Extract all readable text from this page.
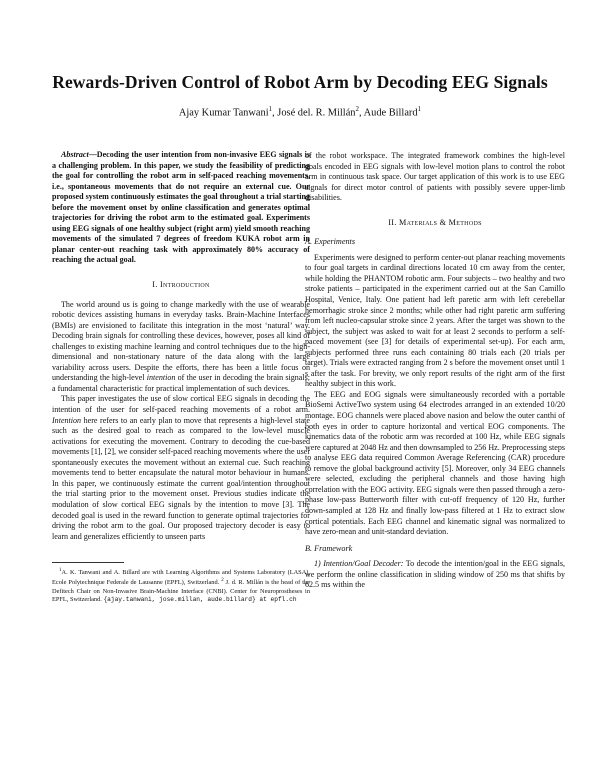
Rewards-Driven Control of Robot Arm by Decoding EEG Signals
Ajay Kumar Tanwani$^1$, José del. R. Millán$^2$, Aude Billard$^1$

Abstract—Decoding the user intention from non-invasive EEG signals is a challenging problem. In this paper, we study the feasibility of predicting the goal for controlling the robot arm in self-paced reaching movements, i.e., spontaneous movements that do not require an external cue. Our proposed system continuously estimates the goal throughout a trial starting before the movement onset by online classification and generates optimal trajectories for driving the robot arm to the estimated goal. Experiments using EEG signals of one healthy subject (right arm) yield smooth reaching movements of the simulated 7 degrees of freedom KUKA robot arm in planar center-out reaching task with approximately 80% accuracy of reaching the actual goal.

I. Introduction

The world around us is going to change markedly with the use of wearable robotic devices assisting humans in everyday tasks. Brain-Machine Interfaces (BMIs) are envisioned to facilitate this integration in the most ‘natural’ way. Decoding brain signals for controlling these devices, however, poses all kind of challenges to existing machine learning and control techniques due to the high-dimensional and non-stationary nature of the data along with the large variability across users. Despite the efforts, there has been a little focus on understanding the high-level intention of the user in decoding the brain signals; a fundamental characteristic for practical implementation of such devices.

This paper investigates the use of slow cortical EEG signals in decoding the intention of the user for self-paced reaching movements of a robot arm. Intention here refers to an early plan to move that represents a high-level state such as the desired goal to reach as compared to the low-level muscle activations for executing the movement. Contrary to decoding the cue-based movements [1], [2], we consider self-paced reaching movements where the user spontaneously executes the movement without an external cue. Such reaching movements tend to better encapsulate the natural motor behaviour in humans. In this paper, we continuously estimate the current goal/intention throughout the trial starting prior to the movement onset. Previous studies indicate the modulation of slow cortical EEG signals by the intention to move [3]. The decoded goal is used in the reward function to generate optimal trajectories for driving the robot arm to the goal. Our proposed trajectory decoder is easy to learn and generalizes efficiently to unseen parts

$^1$A. K. Tanwani and A. Billard are with Learning Algorithms and Systems Laboratory (LASA), Ecole Polytechnique Federale de Lausanne (EPFL), Switzerland. $^2$ J. d. R. Millán is the head of the Defitech Chair on Non-Invasive Brain-Machine Interface (CNBI). Center for Neuroprostheses in EPFL, Switzerland. {ajay.tanwani, jose.millan, aude.billard} at epfl.ch

of the robot workspace. The integrated framework combines the high-level goals encoded in EEG signals with low-level motion plans to control the robot arm in continuous task space. Our target application of this work is to use EEG signals for direct motor control of patients with possibly severe upper-limb disabilities.

II. Materials & Methods
A. Experiments

Experiments were designed to perform center-out planar reaching movements to four goal targets in cardinal directions located 10 cm away from the center, while holding the PHANTOM robotic arm. Four subjects – two healthy and two stroke patients – participated in the experiment carried out at the San Camillo Hospital, Venice, Italy. One patient had left paretic arm with left cerebellar hemorrhagic stroke since 2 months; while other had right paretic arm suffering from left nucleo-capsular stroke since 2 years. After the target was shown to the subject, the subject was asked to wait for at least 2 seconds to perform a self-paced movement (see [3] for details of experimental set-up). For each arm, subjects performed three runs each containing 80 trials each (20 trials per target). Trials were extracted ranging from 2 s before the movement onset until 1 s after the task. For brevity, we only report results of the right arm of the first healthy subject in this work.

The EEG and EOG signals were simultaneously recorded with a portable BioSemi ActiveTwo system using 64 electrodes arranged in an extended 10/20 montage. EOG channels were placed above nasion and below the outer canthi of both eyes in order to capture horizontal and vertical EOG components. The kinematics data of the robotic arm was recorded at 100 Hz, while EEG signals were captured at 2048 Hz and then downsampled to 256 Hz. Preprocessing steps to analyse EEG data required Common Average Referencing (CAR) procedure to remove the global background activity [5]. Moreover, only 34 EEG channels were selected, excluding the peripheral channels and those having high correlation with the EOG activity. EEG signals were then passed through a zero-phase low-pass Butterworth filter with cut-off frequency of 120 Hz, further down-sampled at 128 Hz and finally low-pass filtered at 1 Hz to extract slow cortical potentials. Each EEG channel and kinematic signal was normalized to have zero-mean and unit-standard deviation.

B. Framework

1) Intention/Goal Decoder: To decode the intention/goal in the EEG signals, we perform the online classification in sliding window of 250 ms that shifts by 62.5 ms within the
